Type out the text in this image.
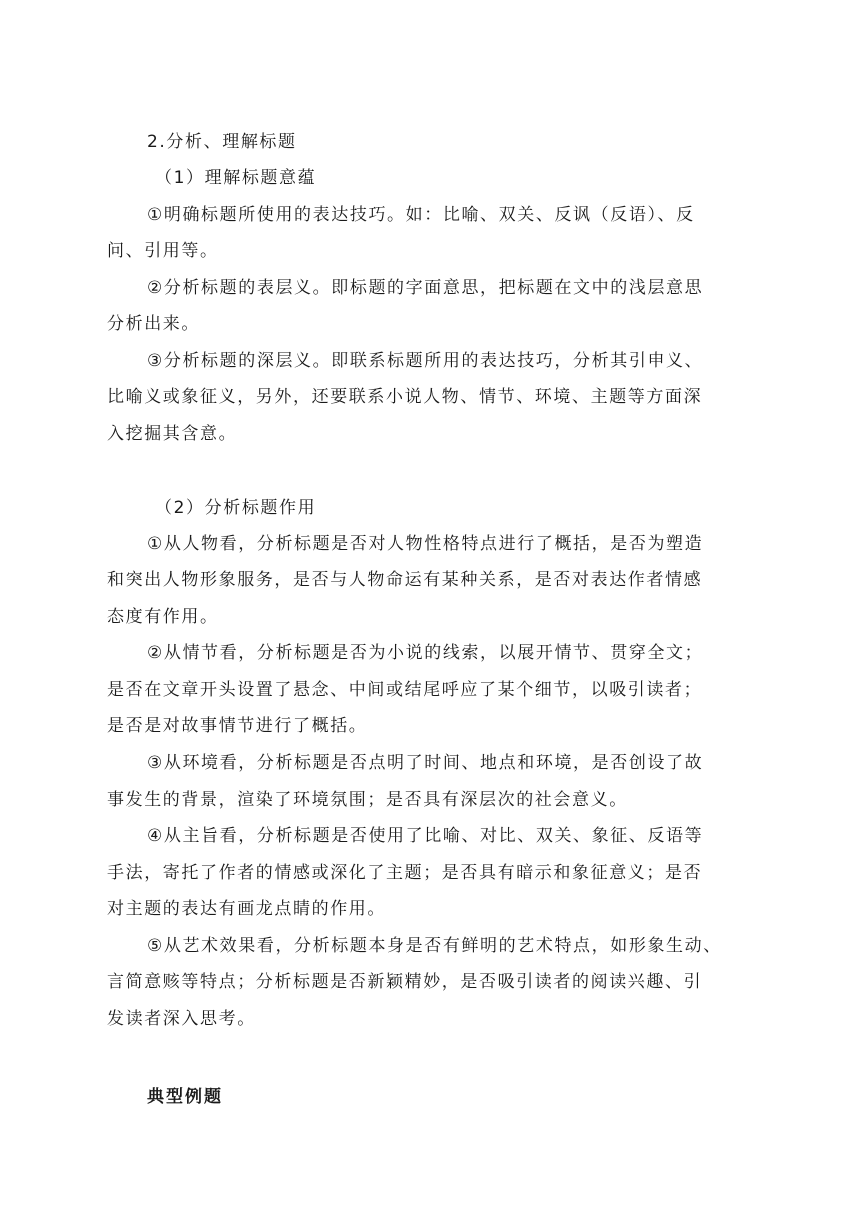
2.分析、理解标题
（1）理解标题意蕴
①明确标题所使用的表达技巧。如：比喻、双关、反讽（反语）、反
问、引用等。
②分析标题的表层义。即标题的字面意思，把标题在文中的浅层意思
分析出来。
③分析标题的深层义。即联系标题所用的表达技巧，分析其引申义、
比喻义或象征义，另外，还要联系小说人物、情节、环境、主题等方面深
入挖掘其含意。
（2）分析标题作用
①从人物看，分析标题是否对人物性格特点进行了概括，是否为塑造
和突出人物形象服务，是否与人物命运有某种关系，是否对表达作者情感
态度有作用。
②从情节看，分析标题是否为小说的线索，以展开情节、贯穿全文；
是否在文章开头设置了悬念、中间或结尾呼应了某个细节，以吸引读者；
是否是对故事情节进行了概括。
③从环境看，分析标题是否点明了时间、地点和环境，是否创设了故
事发生的背景，渲染了环境氛围；是否具有深层次的社会意义。
④从主旨看，分析标题是否使用了比喻、对比、双关、象征、反语等
手法，寄托了作者的情感或深化了主题；是否具有暗示和象征意义；是否
对主题的表达有画龙点睛的作用。
⑤从艺术效果看，分析标题本身是否有鲜明的艺术特点，如形象生动、
言简意赅等特点；分析标题是否新颖精妙，是否吸引读者的阅读兴趣、引
发读者深入思考。
典型例题
